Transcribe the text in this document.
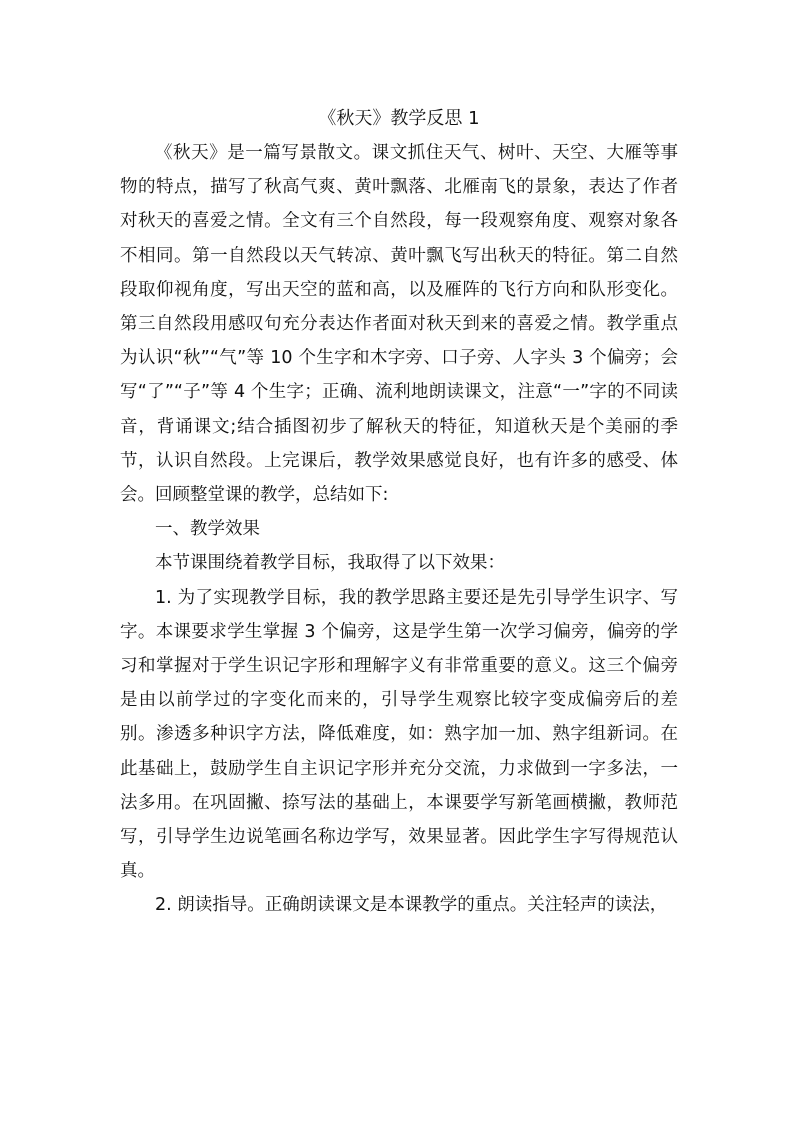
《秋天》教学反思 1

《秋天》是一篇写景散文。课文抓住天气、树叶、天空、大雁等事物的特点，描写了秋高气爽、黄叶飘落、北雁南飞的景象，表达了作者对秋天的喜爱之情。全文有三个自然段，每一段观察角度、观察对象各不相同。第一自然段以天气转凉、黄叶飘飞写出秋天的特征。第二自然段取仰视角度，写出天空的蓝和高，以及雁阵的飞行方向和队形变化。第三自然段用感叹句充分表达作者面对秋天到来的喜爱之情。教学重点为认识“秋”“气”等 10 个生字和木字旁、口子旁、人字头 3 个偏旁；会写“了”“子”等 4 个生字；正确、流利地朗读课文，注意“一”字的不同读音，背诵课文;结合插图初步了解秋天的特征，知道秋天是个美丽的季节，认识自然段。上完课后，教学效果感觉良好，也有许多的感受、体会。回顾整堂课的教学，总结如下:

一、教学效果

本节课围绕着教学目标，我取得了以下效果：

1. 为了实现教学目标，我的教学思路主要还是先引导学生识字、写字。本课要求学生掌握 3 个偏旁，这是学生第一次学习偏旁，偏旁的学习和掌握对于学生识记字形和理解字义有非常重要的意义。这三个偏旁是由以前学过的字变化而来的，引导学生观察比较字变成偏旁后的差别。渗透多种识字方法，降低难度，如：熟字加一加、熟字组新词。在此基础上，鼓励学生自主识记字形并充分交流，力求做到一字多法，一法多用。在巩固撇、捺写法的基础上，本课要学写新笔画横撇，教师范写，引导学生边说笔画名称边学写，效果显著。因此学生字写得规范认真。

2. 朗读指导。正确朗读课文是本课教学的重点。关注轻声的读法，
